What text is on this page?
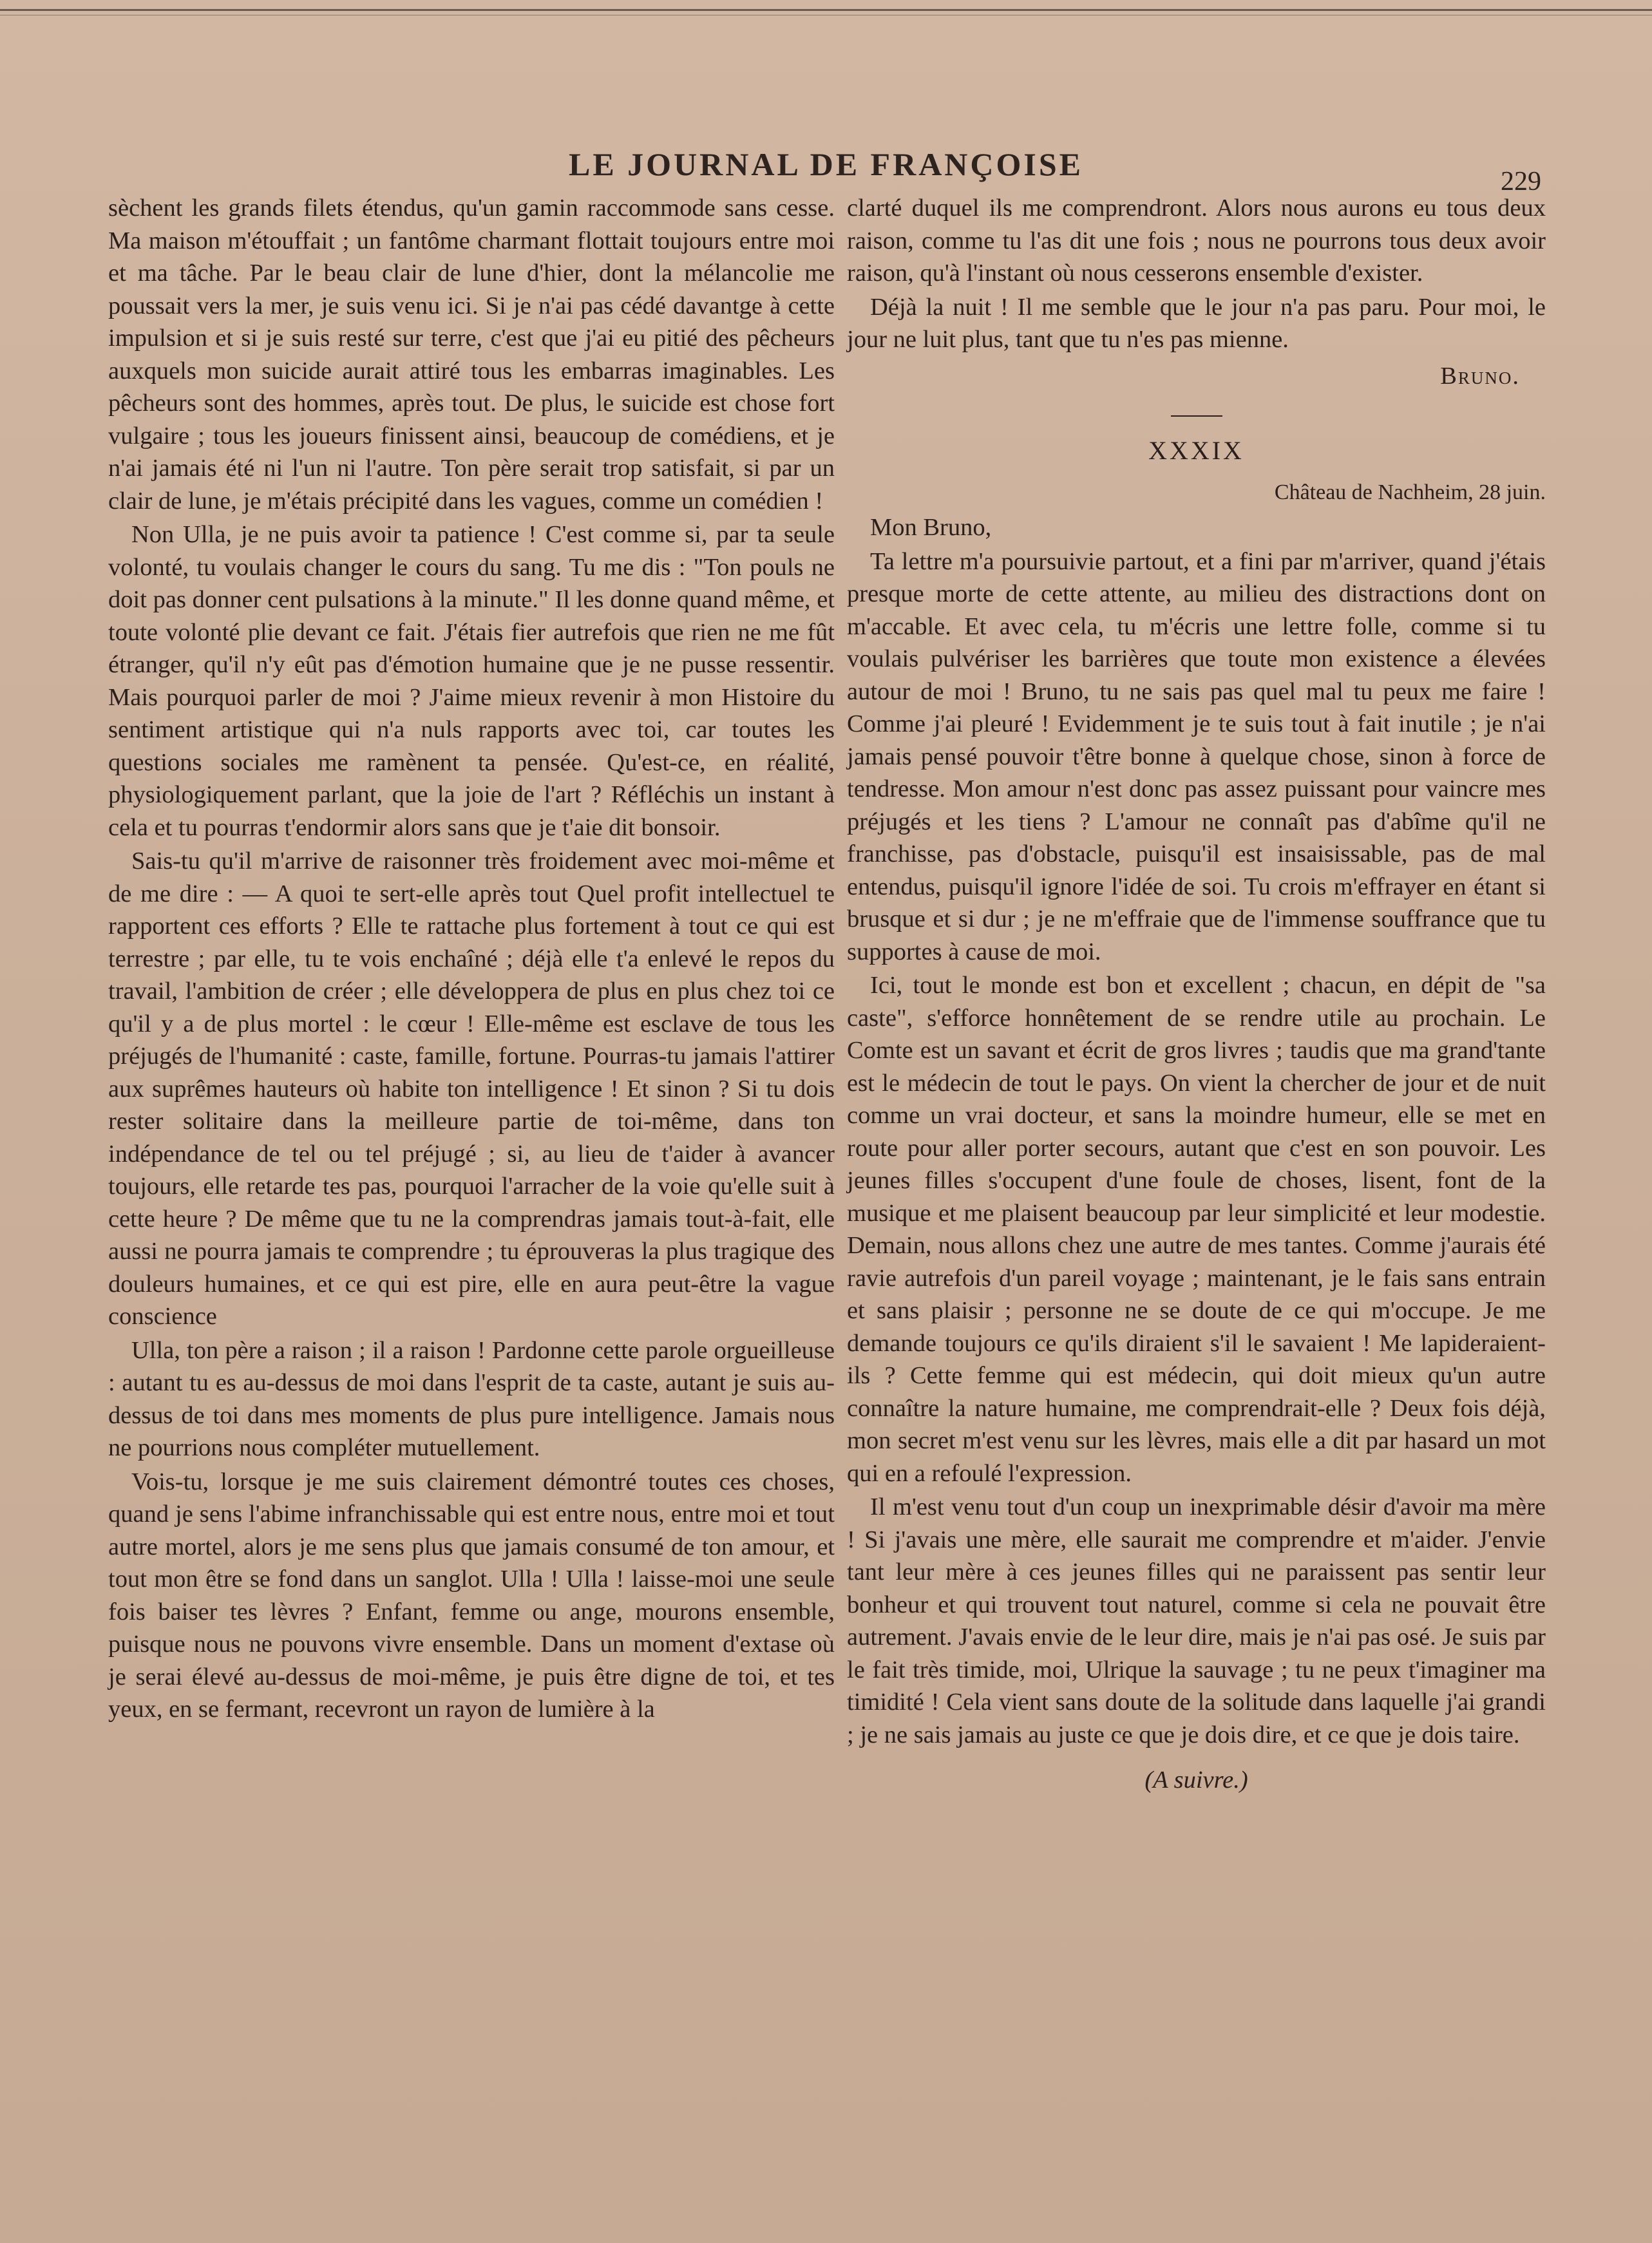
LE JOURNAL DE FRANÇOISE	229

sèchent les grands filets étendus, qu'un gamin raccommode sans cesse. Ma maison m'étouffait ; un fantôme charmant flottait toujours entre moi et ma tâche. Par le beau clair de lune d'hier, dont la mélancolie me poussait vers la mer, je suis venu ici. Si je n'ai pas cédé davantge à cette impulsion et si je suis resté sur terre, c'est que j'ai eu pitié des pêcheurs auxquels mon suicide aurait attiré tous les embarras imaginables. Les pêcheurs sont des hommes, après tout. De plus, le suicide est chose fort vulgaire ; tous les joueurs finissent ainsi, beaucoup de comédiens, et je n'ai jamais été ni l'un ni l'autre. Ton père serait trop satisfait, si par un clair de lune, je m'étais précipité dans les vagues, comme un comédien !

Non Ulla, je ne puis avoir ta patience ! C'est comme si, par ta seule volonté, tu voulais changer le cours du sang. Tu me dis : "Ton pouls ne doit pas donner cent pulsations à la minute." Il les donne quand même, et toute volonté plie devant ce fait. J'étais fier autrefois que rien ne me fût étranger, qu'il n'y eût pas d'émotion humaine que je ne pusse ressentir. Mais pourquoi parler de moi ? J'aime mieux revenir à mon Histoire du sentiment artistique qui n'a nuls rapports avec toi, car toutes les questions sociales me ramènent ta pensée. Qu'est-ce, en réalité, physiologiquement parlant, que la joie de l'art ? Réfléchis un instant à cela et tu pourras t'endormir alors sans que je t'aie dit bonsoir.

Sais-tu qu'il m'arrive de raisonner très froidement avec moi-même et de me dire : — A quoi te sert-elle après tout Quel profit intellectuel te rapportent ces efforts ? Elle te rattache plus fortement à tout ce qui est terrestre ; par elle, tu te vois enchaîné ; déjà elle t'a enlevé le repos du travail, l'ambition de créer ; elle développera de plus en plus chez toi ce qu'il y a de plus mortel : le cœur ! Elle-même est esclave de tous les préjugés de l'humanité : caste, famille, fortune. Pourras-tu jamais l'attirer aux suprêmes hauteurs où habite ton intelligence ! Et sinon ? Si tu dois rester solitaire dans la meilleure partie de toi-même, dans ton indépendance de tel ou tel préjugé ; si, au lieu de t'aider à avancer toujours, elle retarde tes pas, pourquoi l'arracher de la voie qu'elle suit à cette heure ? De même que tu ne la comprendras jamais tout-à-fait, elle aussi ne pourra jamais te comprendre ; tu éprouveras la plus tragique des douleurs humaines, et ce qui est pire, elle en aura peut-être la vague conscience

Ulla, ton père a raison ; il a raison ! Pardonne cette parole orgueilleuse : autant tu es au-dessus de moi dans l'esprit de ta caste, autant je suis au-dessus de toi dans mes moments de plus pure intelligence. Jamais nous ne pourrions nous compléter mutuellement.

Vois-tu, lorsque je me suis clairement démontré toutes ces choses, quand je sens l'abime infranchissable qui est entre nous, entre moi et tout autre mortel, alors je me sens plus que jamais consumé de ton amour, et tout mon être se fond dans un sanglot. Ulla ! Ulla ! laisse-moi une seule fois baiser tes lèvres ? Enfant, femme ou ange, mourons ensemble, puisque nous ne pouvons vivre ensemble. Dans un moment d'extase où je serai élevé au-dessus de moi-même, je puis être digne de toi, et tes yeux, en se fermant, recevront un rayon de lumière à la

clarté duquel ils me comprendront. Alors nous aurons eu tous deux raison, comme tu l'as dit une fois ; nous ne pourrons tous deux avoir raison, qu'à l'instant où nous cesserons ensemble d'exister.

Déjà la nuit ! Il me semble que le jour n'a pas paru. Pour moi, le jour ne luit plus, tant que tu n'es pas mienne.

Bruno.

XXXIX

Château de Nachheim, 28 juin.

Mon Bruno,

Ta lettre m'a poursuivie partout, et a fini par m'arriver, quand j'étais presque morte de cette attente, au milieu des distractions dont on m'accable. Et avec cela, tu m'écris une lettre folle, comme si tu voulais pulvériser les barrières que toute mon existence a élevées autour de moi ! Bruno, tu ne sais pas quel mal tu peux me faire ! Comme j'ai pleuré ! Evidemment je te suis tout à fait inutile ; je n'ai jamais pensé pouvoir t'être bonne à quelque chose, sinon à force de tendresse. Mon amour n'est donc pas assez puissant pour vaincre mes préjugés et les tiens ? L'amour ne connaît pas d'abîme qu'il ne franchisse, pas d'obstacle, puisqu'il est insaisissable, pas de mal entendus, puisqu'il ignore l'idée de soi. Tu crois m'effrayer en étant si brusque et si dur ; je ne m'effraie que de l'immense souffrance que tu supportes à cause de moi.

Ici, tout le monde est bon et excellent ; chacun, en dépit de "sa caste", s'efforce honnêtement de se rendre utile au prochain. Le Comte est un savant et écrit de gros livres ; taudis que ma grand'tante est le médecin de tout le pays. On vient la chercher de jour et de nuit comme un vrai docteur, et sans la moindre humeur, elle se met en route pour aller porter secours, autant que c'est en son pouvoir. Les jeunes filles s'occupent d'une foule de choses, lisent, font de la musique et me plaisent beaucoup par leur simplicité et leur modestie. Demain, nous allons chez une autre de mes tantes. Comme j'aurais été ravie autrefois d'un pareil voyage ; maintenant, je le fais sans entrain et sans plaisir ; personne ne se doute de ce qui m'occupe. Je me demande toujours ce qu'ils diraient s'il le savaient ! Me lapideraient-ils ? Cette femme qui est médecin, qui doit mieux qu'un autre connaître la nature humaine, me comprendrait-elle ? Deux fois déjà, mon secret m'est venu sur les lèvres, mais elle a dit par hasard un mot qui en a refoulé l'expression.

Il m'est venu tout d'un coup un inexprimable désir d'avoir ma mère ! Si j'avais une mère, elle saurait me comprendre et m'aider. J'envie tant leur mère à ces jeunes filles qui ne paraissent pas sentir leur bonheur et qui trouvent tout naturel, comme si cela ne pouvait être autrement. J'avais envie de le leur dire, mais je n'ai pas osé. Je suis par le fait très timide, moi, Ulrique la sauvage ; tu ne peux t'imaginer ma timidité ! Cela vient sans doute de la solitude dans laquelle j'ai grandi ; je ne sais jamais au juste ce que je dois dire, et ce que je dois taire.

(A suivre.)
